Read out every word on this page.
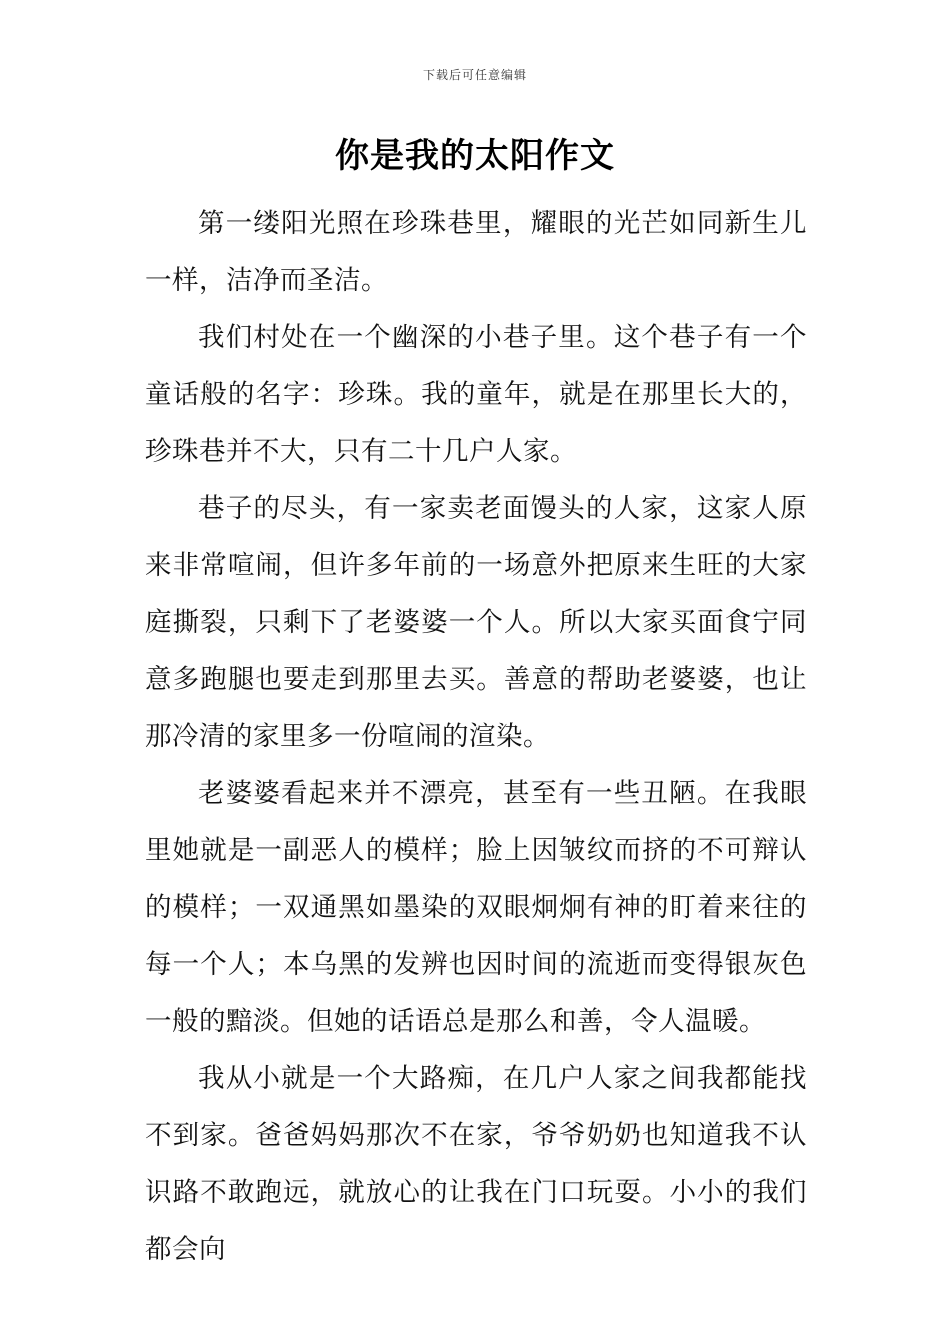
下载后可任意编辑
你是我的太阳作文

第一缕阳光照在珍珠巷里，耀眼的光芒如同新生儿一样，洁净而圣洁。

我们村处在一个幽深的小巷子里。这个巷子有一个童话般的名字：珍珠。我的童年，就是在那里长大的，珍珠巷并不大，只有二十几户人家。

巷子的尽头，有一家卖老面馒头的人家，这家人原来非常喧闹，但许多年前的一场意外把原来生旺的大家庭撕裂，只剩下了老婆婆一个人。所以大家买面食宁同意多跑腿也要走到那里去买。善意的帮助老婆婆，也让那冷清的家里多一份喧闹的渲染。

老婆婆看起来并不漂亮，甚至有一些丑陋。在我眼里她就是一副恶人的模样；脸上因皱纹而挤的不可辩认的模样；一双通黑如墨染的双眼炯炯有神的盯着来往的每一个人；本乌黑的发辨也因时间的流逝而变得银灰色一般的黯淡。但她的话语总是那么和善，令人温暖。

我从小就是一个大路痴，在几户人家之间我都能找不到家。爸爸妈妈那次不在家，爷爷奶奶也知道我不认识路不敢跑远，就放心的让我在门口玩耍。小小的我们都会向
